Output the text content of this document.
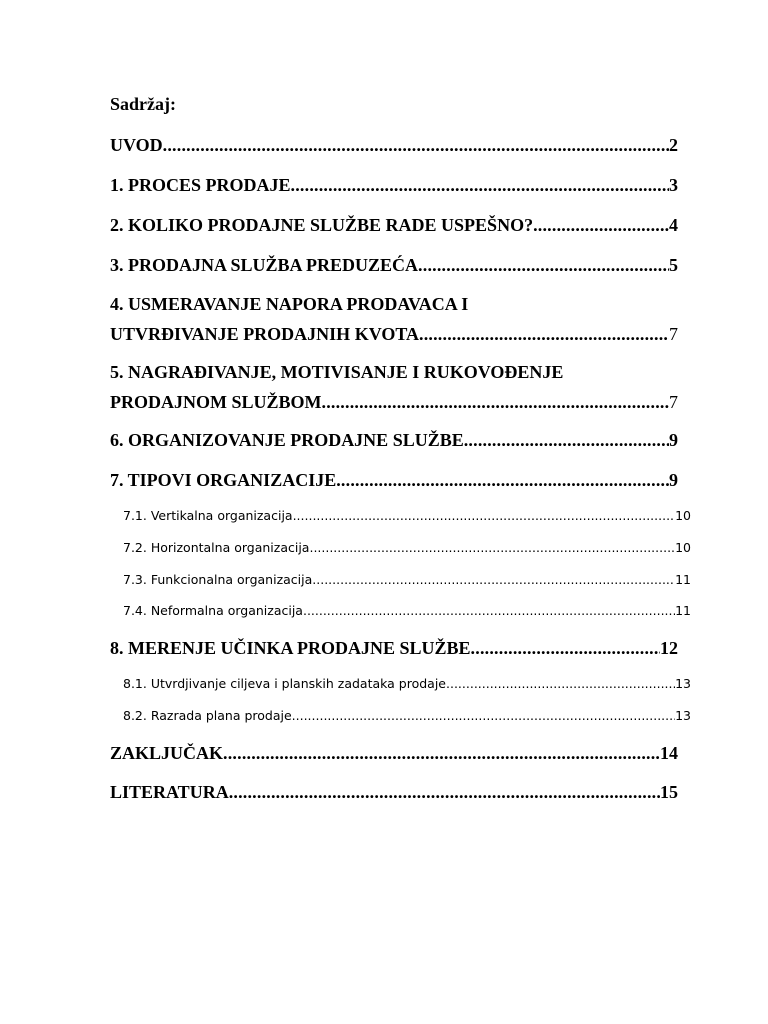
Sadržaj:
UVOD .....	2
1. PROCES PRODAJE .....	3
2. KOLIKO PRODAJNE SLUŽBE RADE USPEŠNO? .....	4
3. PRODAJNA SLUŽBA PREDUZEĆA .....	5
4. USMERAVANJE NAPORA PRODAVACA I
UTVRĐIVANJE PRODAJNIH KVOTA .....	7
5. NAGRAĐIVANJE, MOTIVISANJE I RUKOVOĐENJE
PRODAJNOM SLUŽBOM .....	7
6. ORGANIZOVANJE PRODAJNE SLUŽBE .....	9
7. TIPOVI ORGANIZACIJE .....	9
7.1. Vertikalna organizacija .....	10
7.2. Horizontalna organizacija .....	10
7.3. Funkcionalna organizacija .....	11
7.4. Neformalna organizacija .....	11
8. MERENJE UČINKA PRODAJNE SLUŽBE .....	12
8.1. Utvrdjivanje ciljeva i planskih zadataka prodaje .....	13
8.2. Razrada plana prodaje .....	13
ZAKLJUČAK .....	14
LITERATURA .....	15
